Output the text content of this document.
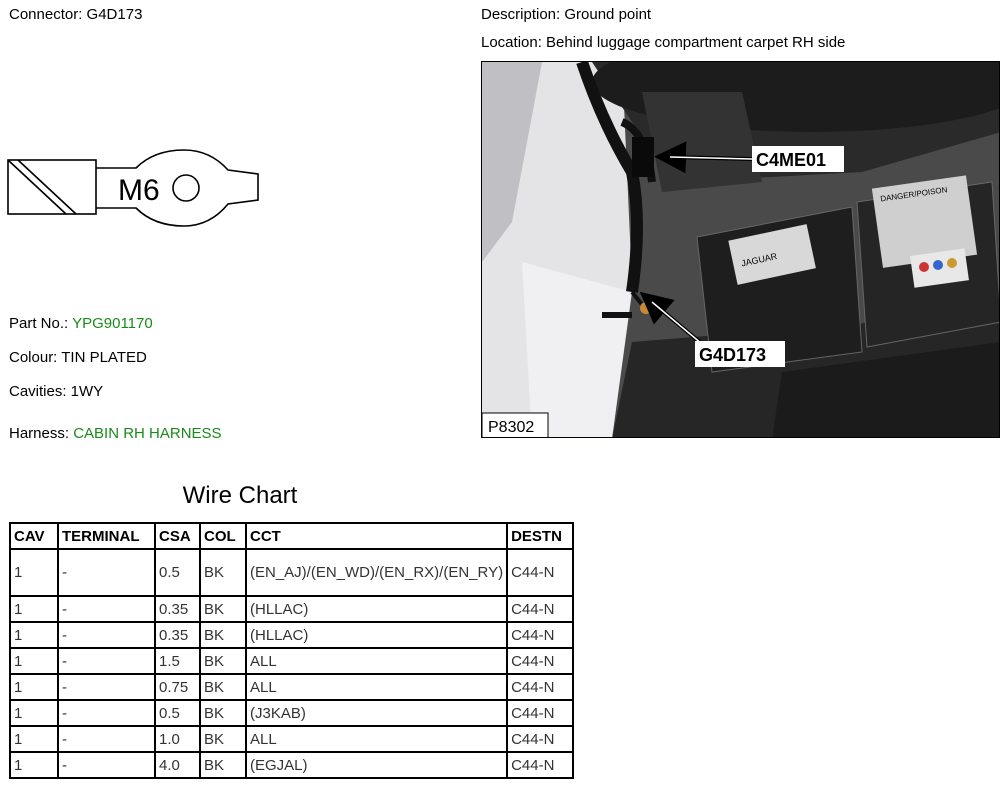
Connector: G4D173	Description: Ground point
Location: Behind luggage compartment carpet RH side
M6
Part No.: YPG901170
Colour: TIN PLATED
Cavities: 1WY
Harness: CABIN RH HARNESS
JAGUAR
DANGER/POISON
C4ME01
G4D173
P8302
Wire Chart
CAV	TERMINAL	CSA	COL	CCT	DESTN
1	-	0.5	BK	(EN_AJ)/(EN_WD)/(EN_RX)/(EN_RY)	C44-N
1	-	0.35	BK	(HLLAC)	C44-N
1	-	0.35	BK	(HLLAC)	C44-N
1	-	1.5	BK	ALL	C44-N
1	-	0.75	BK	ALL	C44-N
1	-	0.5	BK	(J3KAB)	C44-N
1	-	1.0	BK	ALL	C44-N
1	-	4.0	BK	(EGJAL)	C44-N
